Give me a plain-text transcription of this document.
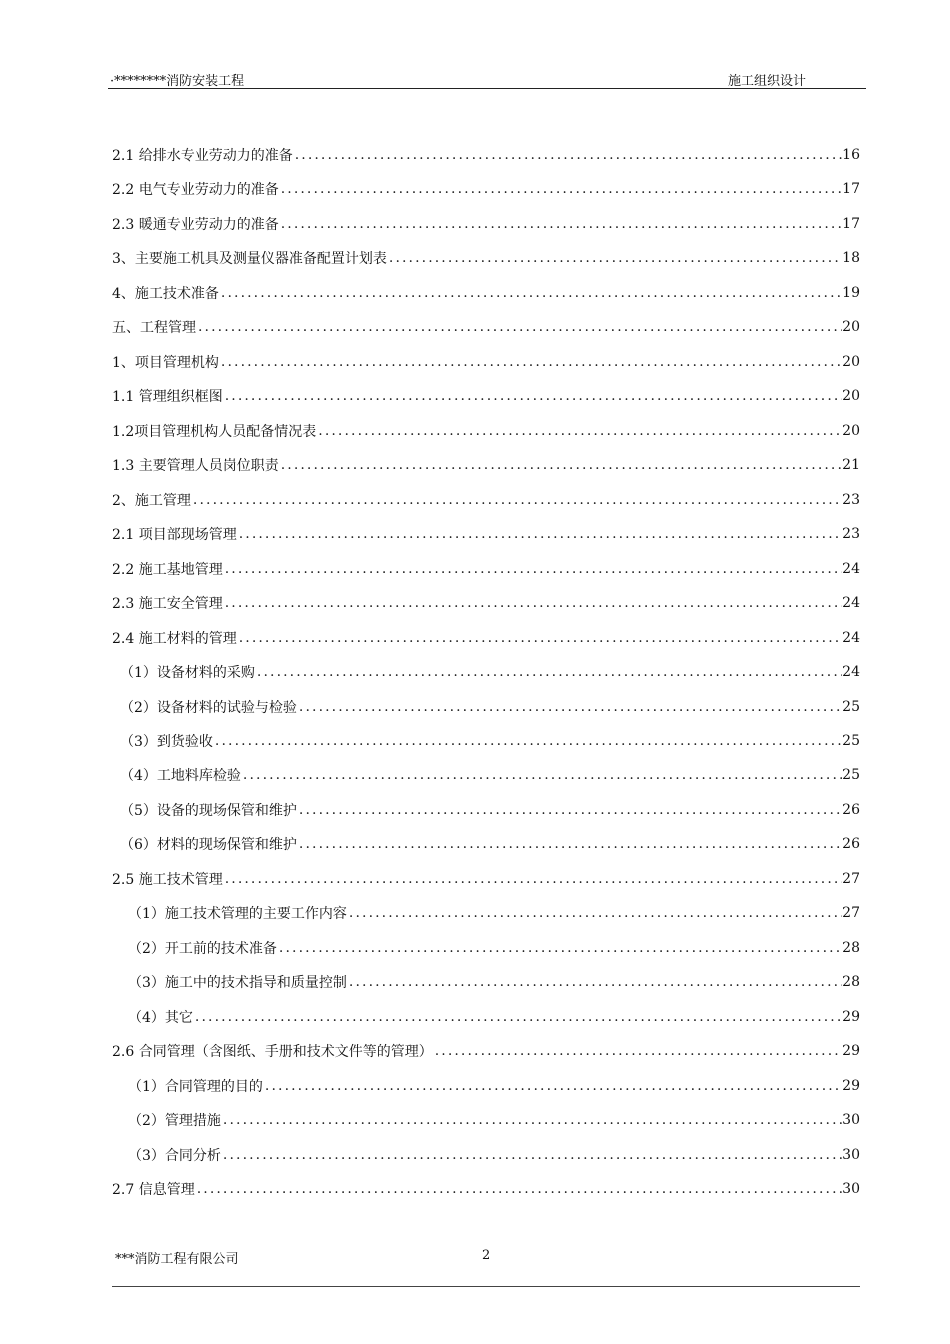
·********消防安装工程	施工组织设计
2.1 给排水专业劳动力的准备 .....	16
2.2 电气专业劳动力的准备 .....	17
2.3 暖通专业劳动力的准备 .....	17
3、主要施工机具及测量仪器准备配置计划表 .....	18
4、施工技术准备 .....	19
五、工程管理 .....	20
1、项目管理机构 .....	20
1.1 管理组织框图 .....	20
1.2项目管理机构人员配备情况表 .....	20
1.3 主要管理人员岗位职责 .....	21
2、施工管理 .....	23
2.1 项目部现场管理 .....	23
2.2 施工基地管理 .....	24
2.3 施工安全管理 .....	24
2.4 施工材料的管理 .....	24
（1）设备材料的采购 .....	24
（2）设备材料的试验与检验 .....	25
（3）到货验收 .....	25
（4）工地料库检验 .....	25
（5）设备的现场保管和维护 .....	26
（6）材料的现场保管和维护 .....	26
2.5 施工技术管理 .....	27
（1）施工技术管理的主要工作内容 .....	27
（2）开工前的技术准备 .....	28
（3）施工中的技术指导和质量控制 .....	28
（4）其它 .....	29
2.6 合同管理（含图纸、手册和技术文件等的管理） .....	29
（1）合同管理的目的 .....	29
（2）管理措施 .....	30
（3）合同分析 .....	30
2.7 信息管理 .....	30
***消防工程有限公司	2
